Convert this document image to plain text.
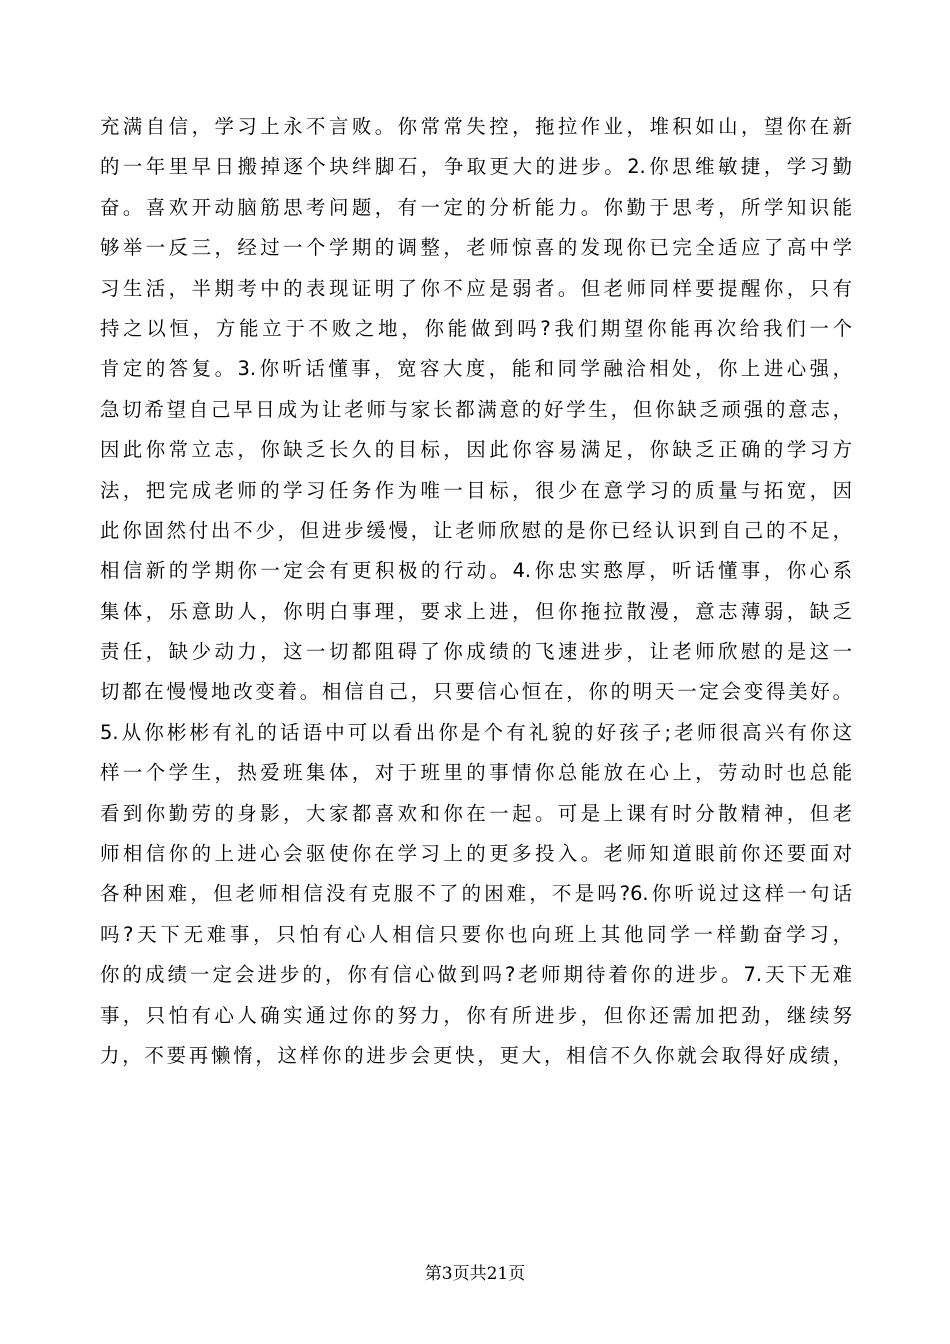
充满自信，学习上永不言败。你常常失控，拖拉作业，堆积如山，望你在新
的一年里早日搬掉逐个块绊脚石，争取更大的进步。2.你思维敏捷，学习勤
奋。喜欢开动脑筋思考问题，有一定的分析能力。你勤于思考，所学知识能
够举一反三，经过一个学期的调整，老师惊喜的发现你已完全适应了高中学
习生活，半期考中的表现证明了你不应是弱者。但老师同样要提醒你，只有
持之以恒，方能立于不败之地，你能做到吗?我们期望你能再次给我们一个
肯定的答复。3.你听话懂事，宽容大度，能和同学融洽相处，你上进心强，
急切希望自己早日成为让老师与家长都满意的好学生，但你缺乏顽强的意志，
因此你常立志，你缺乏长久的目标，因此你容易满足，你缺乏正确的学习方
法，把完成老师的学习任务作为唯一目标，很少在意学习的质量与拓宽，因
此你固然付出不少，但进步缓慢，让老师欣慰的是你已经认识到自己的不足，
相信新的学期你一定会有更积极的行动。4.你忠实憨厚，听话懂事，你心系
集体，乐意助人，你明白事理，要求上进，但你拖拉散漫，意志薄弱，缺乏
责任，缺少动力，这一切都阻碍了你成绩的飞速进步，让老师欣慰的是这一
切都在慢慢地改变着。相信自己，只要信心恒在，你的明天一定会变得美好。
5.从你彬彬有礼的话语中可以看出你是个有礼貌的好孩子;老师很高兴有你这
样一个学生，热爱班集体，对于班里的事情你总能放在心上，劳动时也总能
看到你勤劳的身影，大家都喜欢和你在一起。可是上课有时分散精神，但老
师相信你的上进心会驱使你在学习上的更多投入。老师知道眼前你还要面对
各种困难，但老师相信没有克服不了的困难，不是吗?6.你听说过这样一句话
吗?天下无难事，只怕有心人相信只要你也向班上其他同学一样勤奋学习，
你的成绩一定会进步的，你有信心做到吗?老师期待着你的进步。7.天下无难
事，只怕有心人确实通过你的努力，你有所进步，但你还需加把劲，继续努
力，不要再懒惰，这样你的进步会更快，更大，相信不久你就会取得好成绩，
第3页共21页
